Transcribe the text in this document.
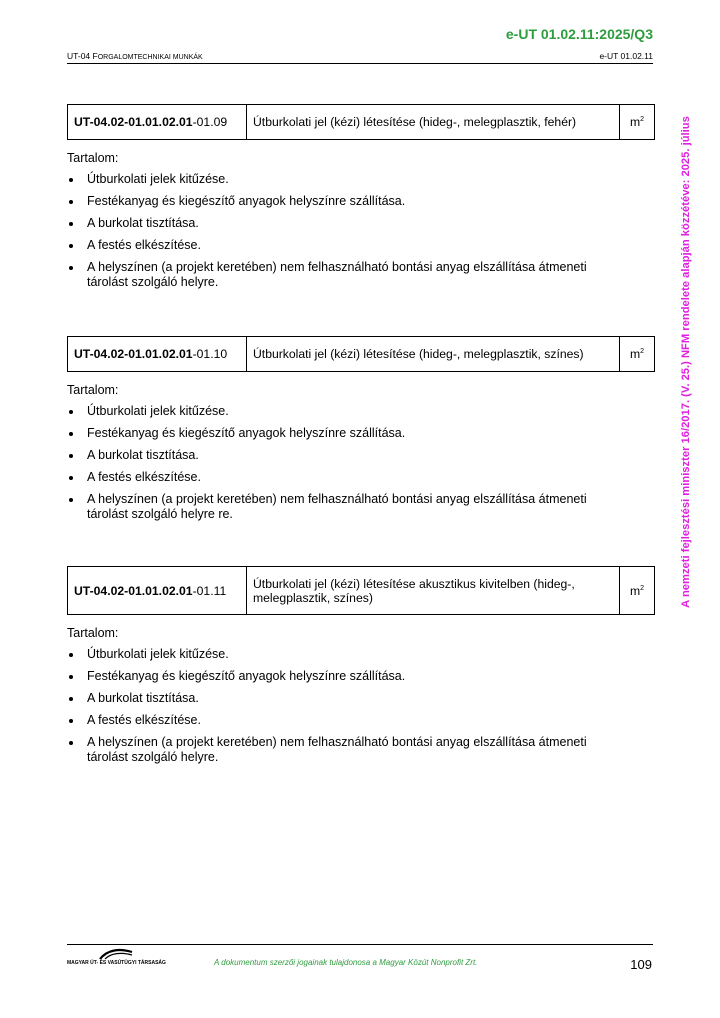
e-UT 01.02.11:2025/Q3
UT-04 FORGALOMTECHNIKAI MUNKÁK	e-UT 01.02.11
A nemzeti fejlesztési miniszter 16/2017. (V. 25.) NFM rendelete alapján közzétéve: 2025. július
UT-04.02-01.01.02.01-01.09	Útburkolati jel (kézi) létesítése (hideg-, melegplasztik, fehér)	$m^2$
Tartalom:
Útburkolati jelek kitűzése.
Festékanyag és kiegészítő anyagok helyszínre szállítása.
A burkolat tisztítása.
A festés elkészítése.
A helyszínen (a projekt keretében) nem felhasználható bontási anyag elszállítása átmeneti tárolást szolgáló helyre.
UT-04.02-01.01.02.01-01.10	Útburkolati jel (kézi) létesítése (hideg-, melegplasztik, színes)	$m^2$
Tartalom:
Útburkolati jelek kitűzése.
Festékanyag és kiegészítő anyagok helyszínre szállítása.
A burkolat tisztítása.
A festés elkészítése.
A helyszínen (a projekt keretében) nem felhasználható bontási anyag elszállítása átmeneti tárolást szolgáló helyre re.
UT-04.02-01.01.02.01-01.11	Útburkolati jel (kézi) létesítése akusztikus kivitelben (hideg-, melegplasztik, színes)	$m^2$
Tartalom:
Útburkolati jelek kitűzése.
Festékanyag és kiegészítő anyagok helyszínre szállítása.
A burkolat tisztítása.
A festés elkészítése.
A helyszínen (a projekt keretében) nem felhasználható bontási anyag elszállítása átmeneti tárolást szolgáló helyre.
MAGYAR ÚT- ÉS VASÚTÜGYI TÁRSASÁG	A dokumentum szerzői jogainak tulajdonosa a Magyar Közút Nonprofit Zrt.	109
